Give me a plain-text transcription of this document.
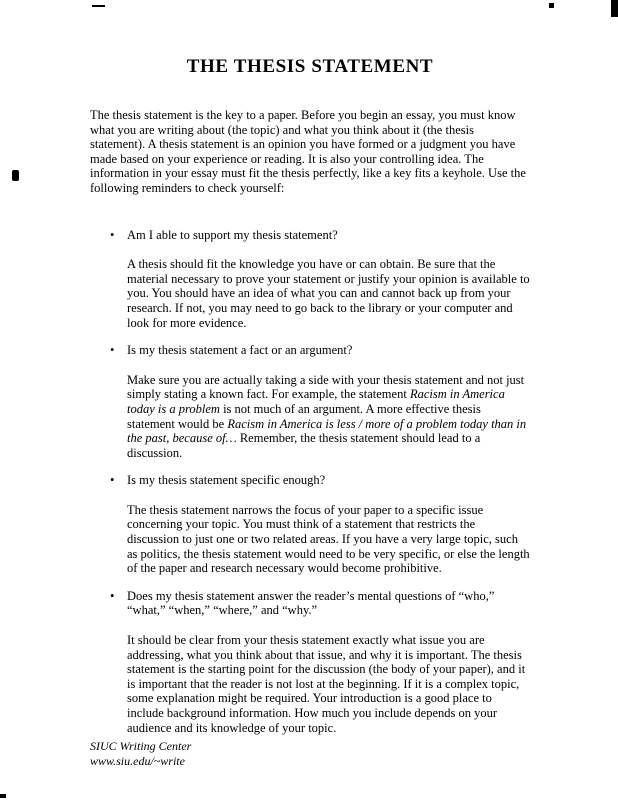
THE THESIS STATEMENT

The thesis statement is the key to a paper. Before you begin an essay, you must know what you are writing about (the topic) and what you think about it (the thesis statement). A thesis statement is an opinion you have formed or a judgment you have made based on your experience or reading. It is also your controlling idea. The information in your essay must fit the thesis perfectly, like a key fits a keyhole. Use the following reminders to check yourself:

•	Am I able to support my thesis statement?

A thesis should fit the knowledge you have or can obtain. Be sure that the material necessary to prove your statement or justify your opinion is available to you. You should have an idea of what you can and cannot back up from your research. If not, you may need to go back to the library or your computer and look for more evidence.

•	Is my thesis statement a fact or an argument?

Make sure you are actually taking a side with your thesis statement and not just simply stating a known fact. For example, the statement Racism in America today is a problem is not much of an argument. A more effective thesis statement would be Racism in America is less / more of a problem today than in the past, because of… Remember, the thesis statement should lead to a discussion.

•	Is my thesis statement specific enough?

The thesis statement narrows the focus of your paper to a specific issue concerning your topic. You must think of a statement that restricts the discussion to just one or two related areas. If you have a very large topic, such as politics, the thesis statement would need to be very specific, or else the length of the paper and research necessary would become prohibitive.

•	Does my thesis statement answer the reader’s mental questions of “who,” “what,” “when,” “where,” and “why.”

It should be clear from your thesis statement exactly what issue you are addressing, what you think about that issue, and why it is important. The thesis statement is the starting point for the discussion (the body of your paper), and it is important that the reader is not lost at the beginning. If it is a complex topic, some explanation might be required. Your introduction is a good place to include background information. How much you include depends on your audience and its knowledge of your topic.

SIUC Writing Center
www.siu.edu/~write
